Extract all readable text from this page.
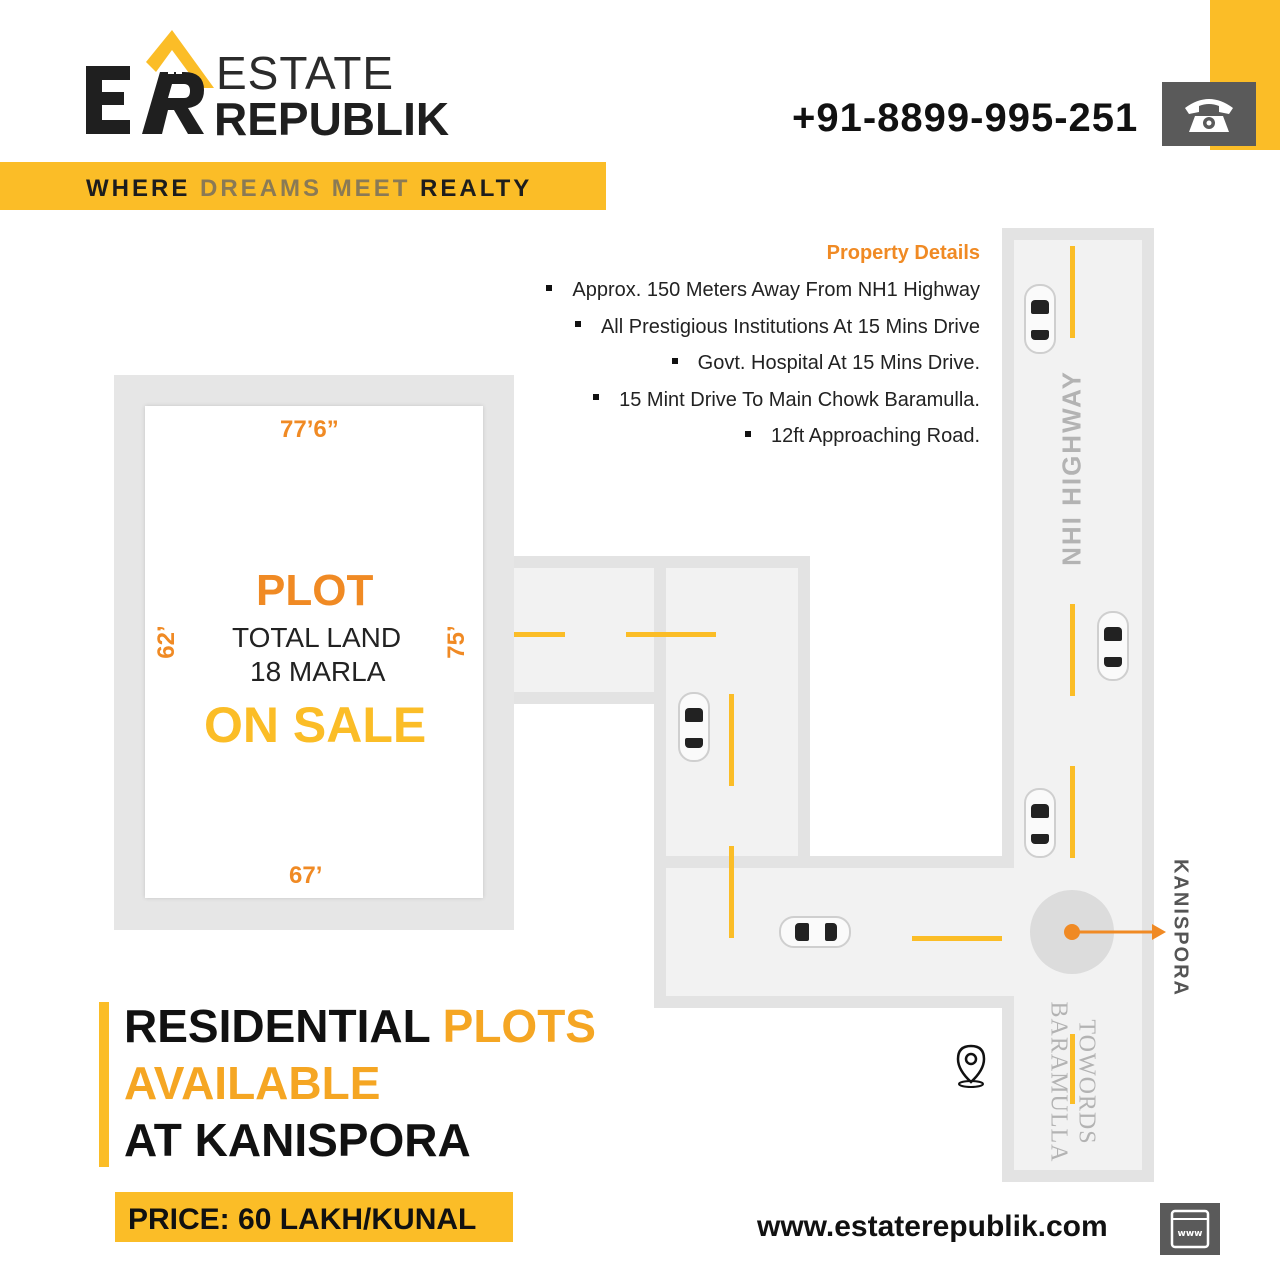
ESTATE
REPUBLIK
WHERE DREAMS MEET REALTY
+91-8899-995-251
Property Details
Approx. 150 Meters Away From NH1 Highway
All Prestigious Institutions At 15 Mins Drive
Govt. Hospital At 15 Mins Drive.
15 Mint Drive To Main Chowk Baramulla.
12ft Approaching Road.	NHI HIGHWAY
KANISPORA
TOWORDS
BARAMULLA
77’6”
67’
62’	75’
PLOT
TOTAL LAND
18 MARLA
ON SALE
RESIDENTIAL PLOTS
AVAILABLE
AT KANISPORA
PRICE: 60 LAKH/KUNAL	www.estaterepublik.com	www
